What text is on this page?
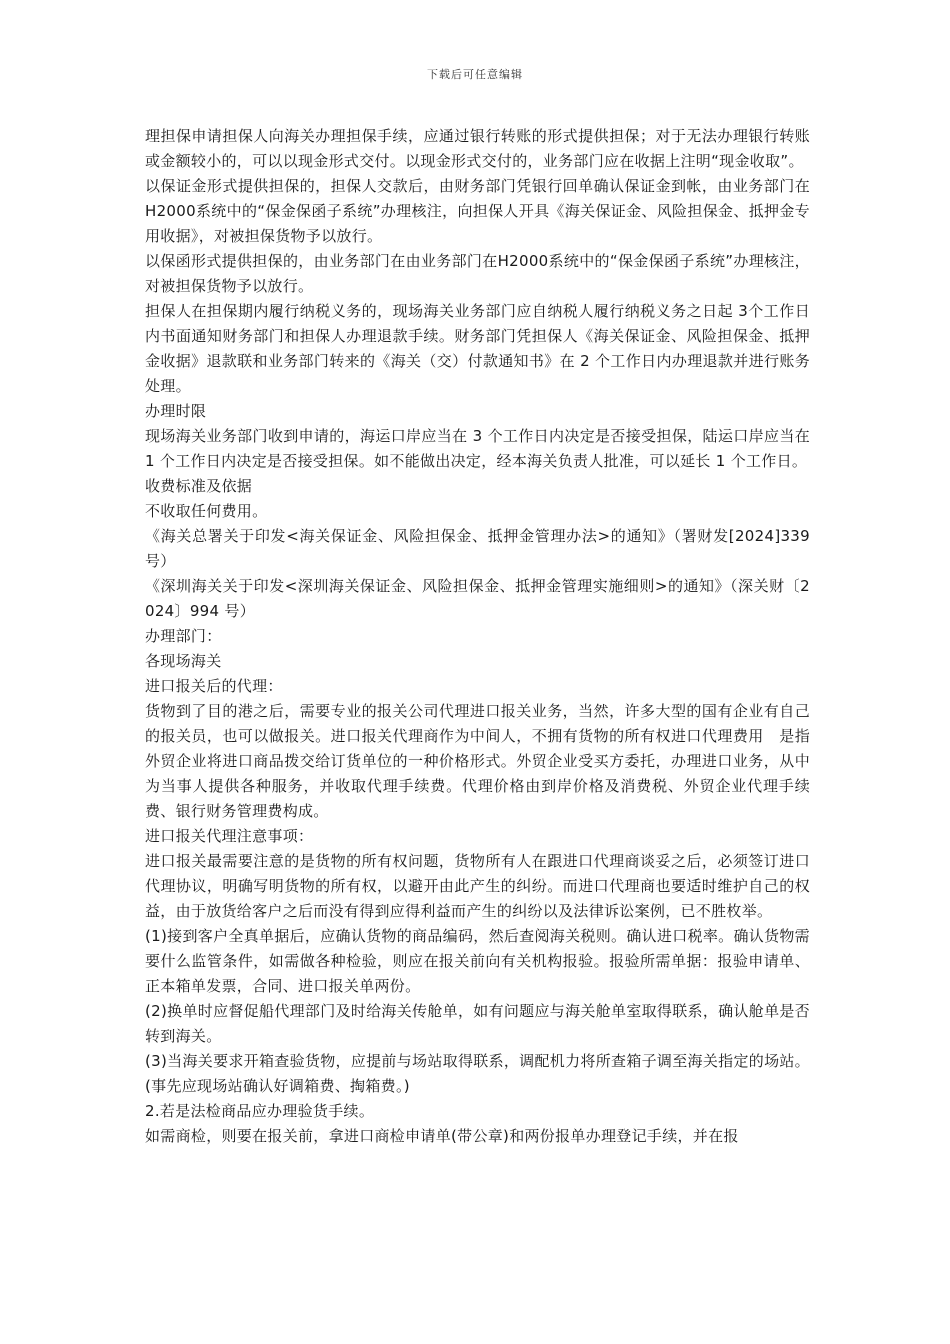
下载后可任意编辑

理担保申请担保人向海关办理担保手续，应通过银行转账的形式提供担保；对于无法办理银行转账或金额较小的，可以以现金形式交付。以现金形式交付的，业务部门应在收据上注明“现金收取”。

以保证金形式提供担保的，担保人交款后，由财务部门凭银行回单确认保证金到帐，由业务部门在H2000系统中的“保金保函子系统”办理核注，向担保人开具《海关保证金、风险担保金、抵押金专用收据》，对被担保货物予以放行。

以保函形式提供担保的，由业务部门在由业务部门在H2000系统中的“保金保函子系统”办理核注，对被担保货物予以放行。

担保人在担保期内履行纳税义务的，现场海关业务部门应自纳税人履行纳税义务之日起 3个工作日内书面通知财务部门和担保人办理退款手续。财务部门凭担保人《海关保证金、风险担保金、抵押金收据》退款联和业务部门转来的《海关（交）付款通知书》在 2 个工作日内办理退款并进行账务处理。

办理时限

现场海关业务部门收到申请的，海运口岸应当在 3 个工作日内决定是否接受担保，陆运口岸应当在 1 个工作日内决定是否接受担保。如不能做出决定，经本海关负责人批准，可以延长 1 个工作日。

收费标准及依据

不收取任何费用。

《海关总署关于印发<海关保证金、风险担保金、抵押金管理办法>的通知》（署财发[2024]339 号）

《深圳海关关于印发<深圳海关保证金、风险担保金、抵押金管理实施细则>的通知》（深关财〔2024〕994 号）

办理部门：

各现场海关

进口报关后的代理：

货物到了目的港之后，需要专业的报关公司代理进口报关业务，当然，许多大型的国有企业有自己的报关员，也可以做报关。进口报关代理商作为中间人，不拥有货物的所有权进口代理费用　是指外贸企业将进口商品拨交给订货单位的一种价格形式。外贸企业受买方委托，办理进口业务，从中为当事人提供各种服务，并收取代理手续费。代理价格由到岸价格及消费税、外贸企业代理手续费、银行财务管理费构成。

进口报关代理注意事项：

进口报关最需要注意的是货物的所有权问题，货物所有人在跟进口代理商谈妥之后，必须签订进口代理协议，明确写明货物的所有权，以避开由此产生的纠纷。而进口代理商也要适时维护自己的权益，由于放货给客户之后而没有得到应得利益而产生的纠纷以及法律诉讼案例，已不胜枚举。

(1)接到客户全真单据后，应确认货物的商品编码，然后查阅海关税则。确认进口税率。确认货物需要什么监管条件，如需做各种检验，则应在报关前向有关机构报验。报验所需单据：报验申请单、正本箱单发票，合同、进口报关单两份。

(2)换单时应督促船代理部门及时给海关传舱单，如有问题应与海关舱单室取得联系，确认舱单是否转到海关。

(3)当海关要求开箱查验货物，应提前与场站取得联系，调配机力将所查箱子调至海关指定的场站。(事先应现场站确认好调箱费、掏箱费。)

2.若是法检商品应办理验货手续。

如需商检，则要在报关前，拿进口商检申请单(带公章)和两份报单办理登记手续，并在报
